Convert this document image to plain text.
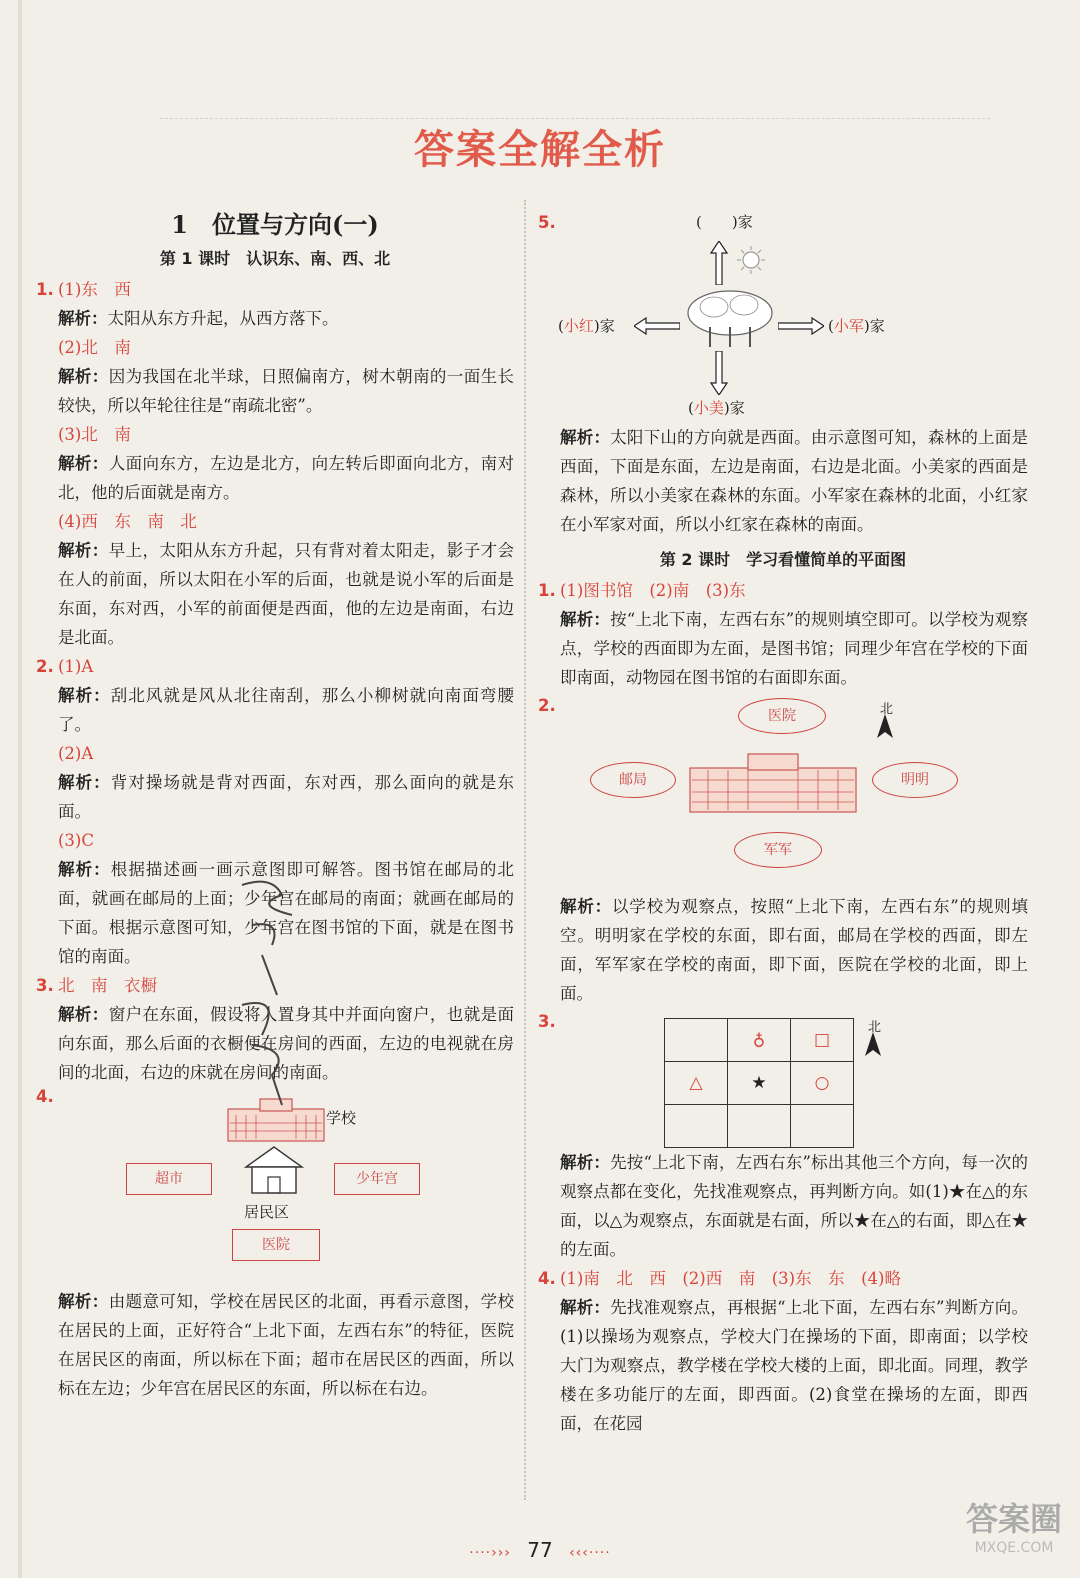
答案全解全析
1　位置与方向(一)
第 1 课时　认识东、南、西、北

1. (1)东　西

解析：太阳从东方升起，从西方落下。

(2)北　南

解析：因为我国在北半球，日照偏南方，树木朝南的一面生长较快，所以年轮往往是“南疏北密”。

(3)北　南

解析：人面向东方，左边是北方，向左转后即面向北方，南对北，他的后面就是南方。

(4)西　东　南　北

解析：早上，太阳从东方升起，只有背对着太阳走，影子才会在人的前面，所以太阳在小军的后面，也就是说小军的后面是东面，东对西，小军的前面便是西面，他的左边是南面，右边是北面。

2. (1)A

解析：刮北风就是风从北往南刮，那么小柳树就向南面弯腰了。

(2)A

解析：背对操场就是背对西面，东对西，那么面向的就是东面。

(3)C

解析：根据描述画一画示意图即可解答。图书馆在邮局的北面，就画在邮局的上面；少年宫在邮局的南面；就画在邮局的下面。根据示意图可知，少年宫在图书馆的下面，就是在图书馆的南面。

3. 北　南　衣橱

解析：窗户在东面，假设将人置身其中并面向窗户，也就是面向东面，那么后面的衣橱便在房间的西面，左边的电视就在房间的北面，右边的床就在房间的南面。

4.
学校
超市	少年宫
居民区
医院

解析：由题意可知，学校在居民区的北面，再看示意图，学校在居民的上面，正好符合“上北下面，左西右东”的特征，医院在居民区的南面，所以标在下面；超市在居民区的西面，所以标在左边；少年宫在居民区的东面，所以标在右边。

5.	(　　)家
(小红)家	(小军)家
(小美)家

解析：太阳下山的方向就是西面。由示意图可知，森林的上面是西面，下面是东面，左边是南面，右边是北面。小美家的西面是森林，所以小美家在森林的东面。小军家在森林的北面，小红家在小军家对面，所以小红家在森林的南面。

第 2 课时　学习看懂简单的平面图

1. (1)图书馆　(2)南　(3)东

解析：按“上北下南，左西右东”的规则填空即可。以学校为观察点，学校的西面即为左面，是图书馆；同理少年宫在学校的下面即南面，动物园在图书馆的右面即东面。

2.
医院	北
邮局	明明
军军

解析：以学校为观察点，按照“上北下南，左西右东”的规则填空。明明家在学校的东面，即右面，邮局在学校的西面，即左面，军军家在学校的南面，即下面，医院在学校的北面，即上面。

3.
	♁	□
△	★	○

北

解析：先按“上北下南，左西右东”标出其他三个方向，每一次的观察点都在变化，先找准观察点，再判断方向。如(1)★在△的东面，以△为观察点，东面就是右面，所以★在△的右面，即△在★的左面。

4. (1)南　北　西　(2)西　南　(3)东　东　(4)略

解析：先找准观察点，再根据“上北下面，左西右东”判断方向。(1)以操场为观察点，学校大门在操场的下面，即南面；以学校大门为观察点，教学楼在学校大楼的上面，即北面。同理，教学楼在多功能厅的左面，即西面。(2)食堂在操场的左面，即西面，在花园

····››› 77 ‹‹‹····
答案圈
MXQE.COM
